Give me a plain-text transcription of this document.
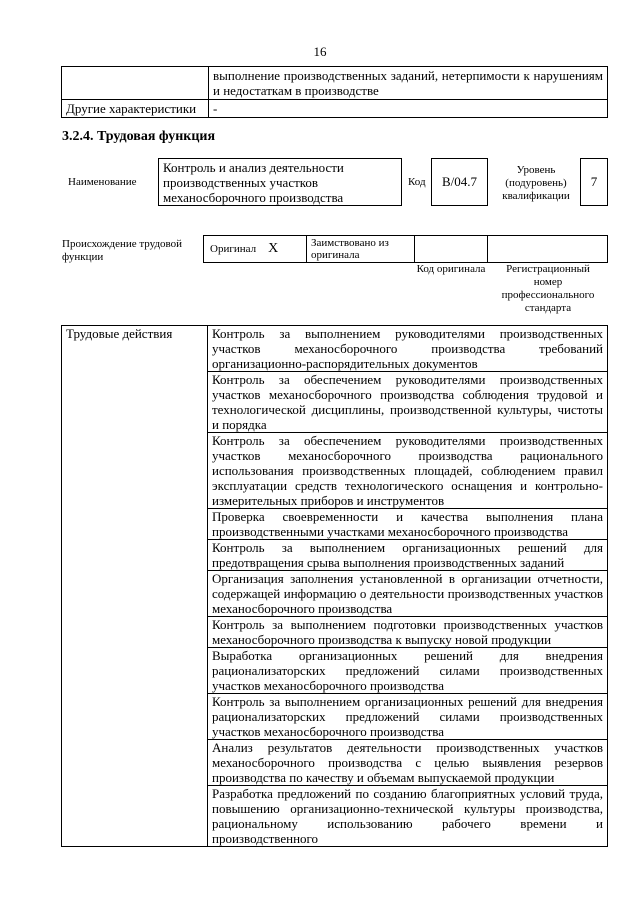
16
	выполнение производственных заданий, нетерпимости к нарушениям и недостаткам в производстве
Другие характеристики	-
3.2.4. Трудовая функция
Наименование
Контроль и анализ деятельности производственных участков механосборочного производства
Код	В/04.7
Уровень (подуровень) квалификации
7
Происхождение трудовой функции
Оригинал X	Заимствовано из оригинала
Код оригинала	Регистрационный номер профессионального стандарта
Трудовые действия	Контроль за выполнением руководителями производственных участков механосборочного производства требований организационно-распорядительных документов
Контроль за обеспечением руководителями производственных участков механосборочного производства соблюдения трудовой и технологической дисциплины, производственной культуры, чистоты и порядка
Контроль за обеспечением руководителями производственных участков механосборочного производства рационального использования производственных площадей, соблюдением правил эксплуатации средств технологического оснащения и контрольно-измерительных приборов и инструментов
Проверка своевременности и качества выполнения плана производственными участками механосборочного производства
Контроль за выполнением организационных решений для предотвращения срыва выполнения производственных заданий
Организация заполнения установленной в организации отчетности, содержащей информацию о деятельности производственных участков механосборочного производства
Контроль за выполнением подготовки производственных участков механосборочного производства к выпуску новой продукции
Выработка организационных решений для внедрения рационализаторских предложений силами производственных участков механосборочного производства
Контроль за выполнением организационных решений для внедрения рационализаторских предложений силами производственных участков механосборочного производства
Анализ результатов деятельности производственных участков механосборочного производства с целью выявления резервов производства по качеству и объемам выпускаемой продукции
Разработка предложений по созданию благоприятных условий труда, повышению организационно-технической культуры производства, рациональному использованию рабочего времени и производственного
